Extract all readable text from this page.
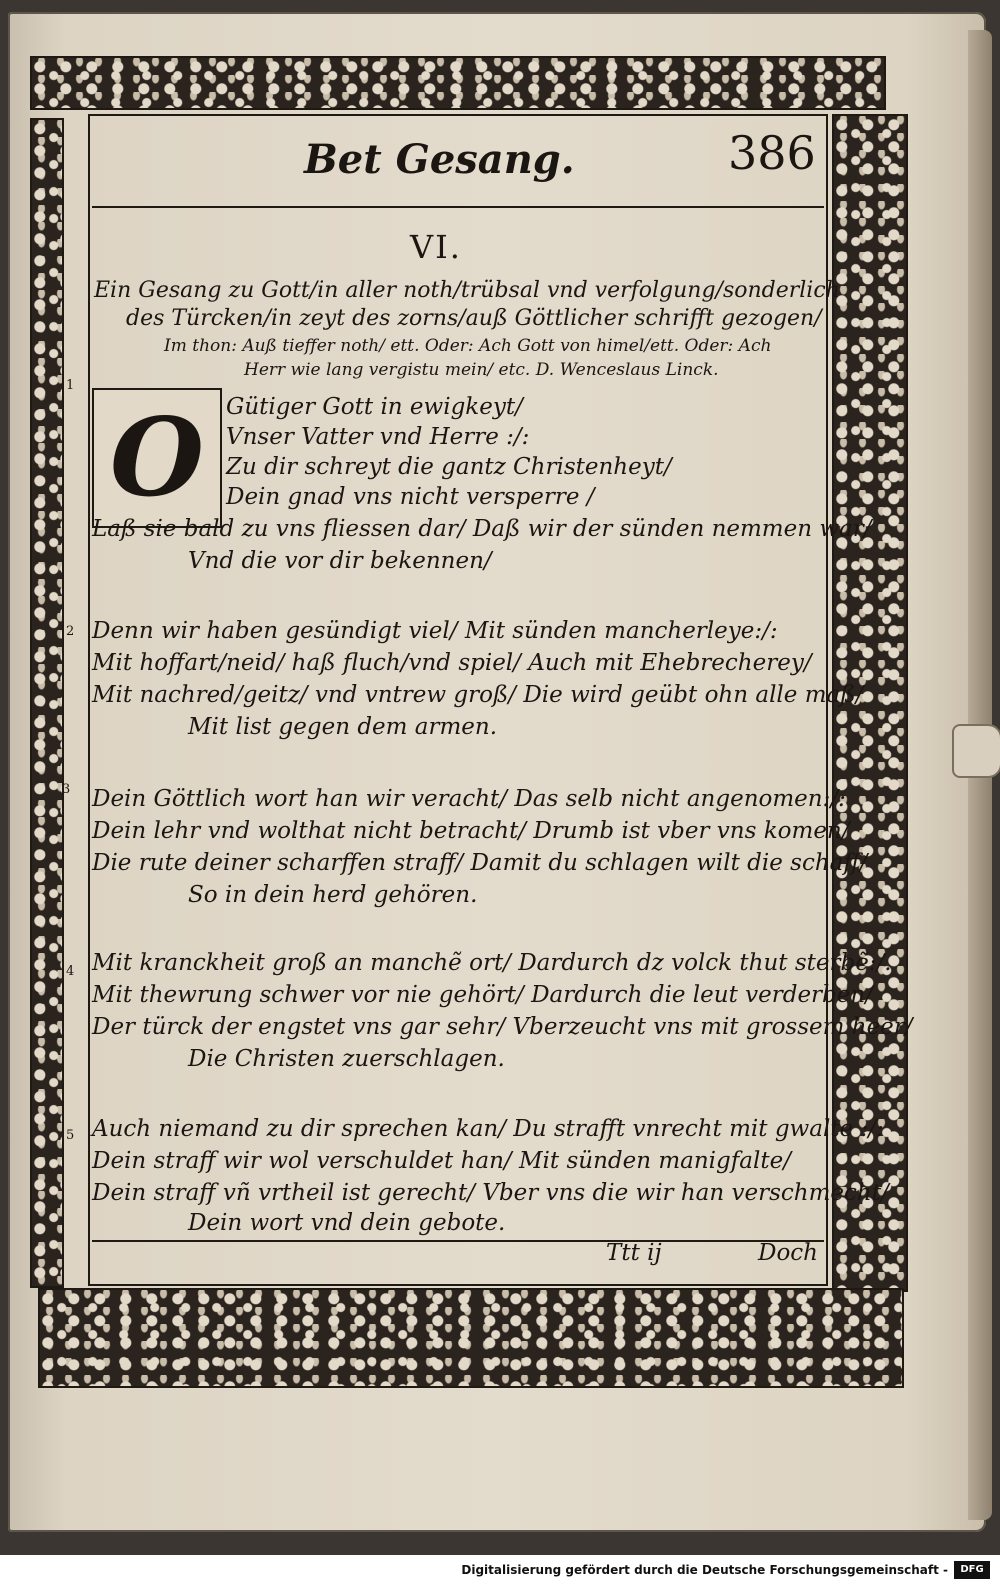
Bet Gesang.	386
VI.
Ein Gesang zu Gott/in aller noth/trübsal vnd verfolgung/sonderlich
des Türcken/in zeyt des zorns/auß Göttlicher schrifft gezogen/
Im thon: Auß tieffer noth/ ett. Oder: Ach Gott von himel/ett. Oder: Ach
Herr wie lang vergistu mein/ etc. D. Wenceslaus Linck.
O
1
Gütiger Gott in ewigkeyt/
Vnser Vatter vnd Herre :/:
Zu dir schreyt die gantz Christenheyt/
Dein gnad vns nicht versperre /
Laß sie bald zu vns fliessen dar/ Daß wir der sünden nemmen war/
Vnd die vor dir bekennen/
2 Denn wir haben gesündigt viel/ Mit sünden mancherleye:/:
Mit hoffart/neid/ haß fluch/vnd spiel/ Auch mit Ehebrecherey/
Mit nachred/geitz/ vnd vntrew groß/ Die wird geübt ohn alle maß/
Mit list gegen dem armen.
3 Dein Göttlich wort han wir veracht/ Das selb nicht angenomen:/:
Dein lehr vnd wolthat nicht betracht/ Drumb ist vber vns komen/
Die rute deiner scharffen straff/ Damit du schlagen wilt die schaff/
So in dein herd gehören.
4 Mit kranckheit groß an manchẽ ort/ Dardurch dz volck thut sterbẽ:/.
Mit thewrung schwer vor nie gehört/ Dardurch die leut verderben/
Der türck der engstet vns gar sehr/ Vberzeucht vns mit grossem heer/
Die Christen zuerschlagen.
5 Auch niemand zu dir sprechen kan/ Du strafft vnrecht mit gwalte :/:
Dein straff wir wol verschuldet han/ Mit sünden manigfalte/
Dein straff vñ vrtheil ist gerecht/ Vber vns die wir han verschmecht/
Dein wort vnd dein gebote.
Ttt ij	Doch
Digitalisierung gefördert durch die Deutsche Forschungsgemeinschaft -	DFG
